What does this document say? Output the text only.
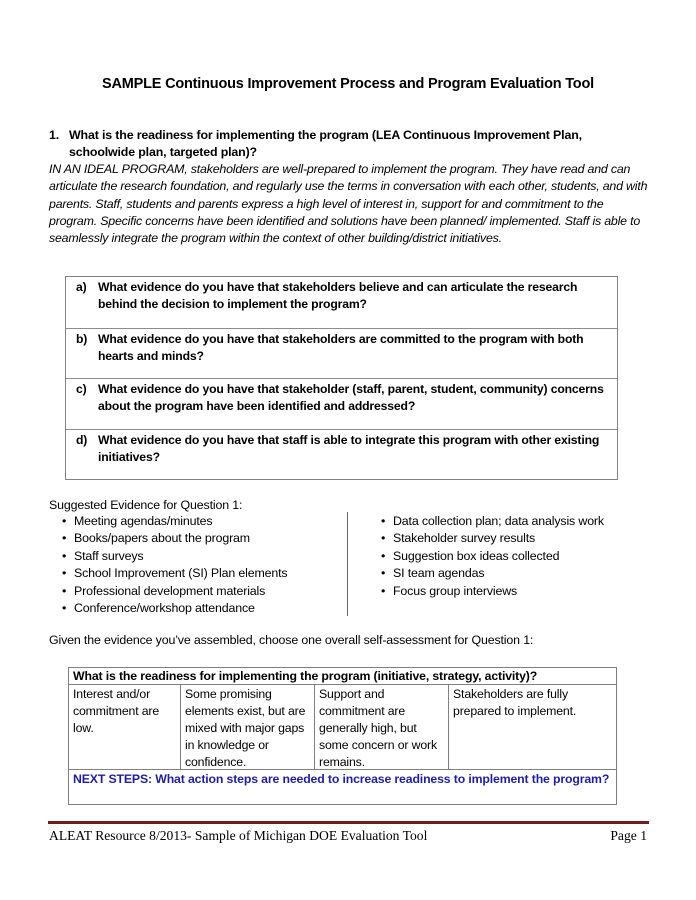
SAMPLE Continuous Improvement Process and Program Evaluation Tool
1. What is the readiness for implementing the program (LEA Continuous Improvement Plan, schoolwide plan, targeted plan)?
IN AN IDEAL PROGRAM, stakeholders are well-prepared to implement the program. They have read and can articulate the research foundation, and regularly use the terms in conversation with each other, students, and with parents. Staff, students and parents express a high level of interest in, support for and commitment to the program. Specific concerns have been identified and solutions have been planned/ implemented. Staff is able to seamlessly integrate the program within the context of other building/district initiatives.
a) What evidence do you have that stakeholders believe and can articulate the research behind the decision to implement the program?
b) What evidence do you have that stakeholders are committed to the program with both hearts and minds?
c) What evidence do you have that stakeholder (staff, parent, student, community) concerns about the program have been identified and addressed?
d) What evidence do you have that staff is able to integrate this program with other existing initiatives?
Suggested Evidence for Question 1:
• Meeting agendas/minutes
• Books/papers about the program
• Staff surveys
• School Improvement (SI) Plan elements
• Professional development materials
• Conference/workshop attendance
• Data collection plan; data analysis work
• Stakeholder survey results
• Suggestion box ideas collected
• SI team agendas
• Focus group interviews
Given the evidence you’ve assembled, choose one overall self-assessment for Question 1:
What is the readiness for implementing the program (initiative, strategy, activity)?
Interest and/or commitment are low.
Some promising elements exist, but are mixed with major gaps in knowledge or confidence.
Support and commitment are generally high, but some concern or work remains.
Stakeholders are fully prepared to implement.
NEXT STEPS: What action steps are needed to increase readiness to implement the program?
ALEAT Resource 8/2013- Sample of Michigan DOE Evaluation Tool	Page 1
